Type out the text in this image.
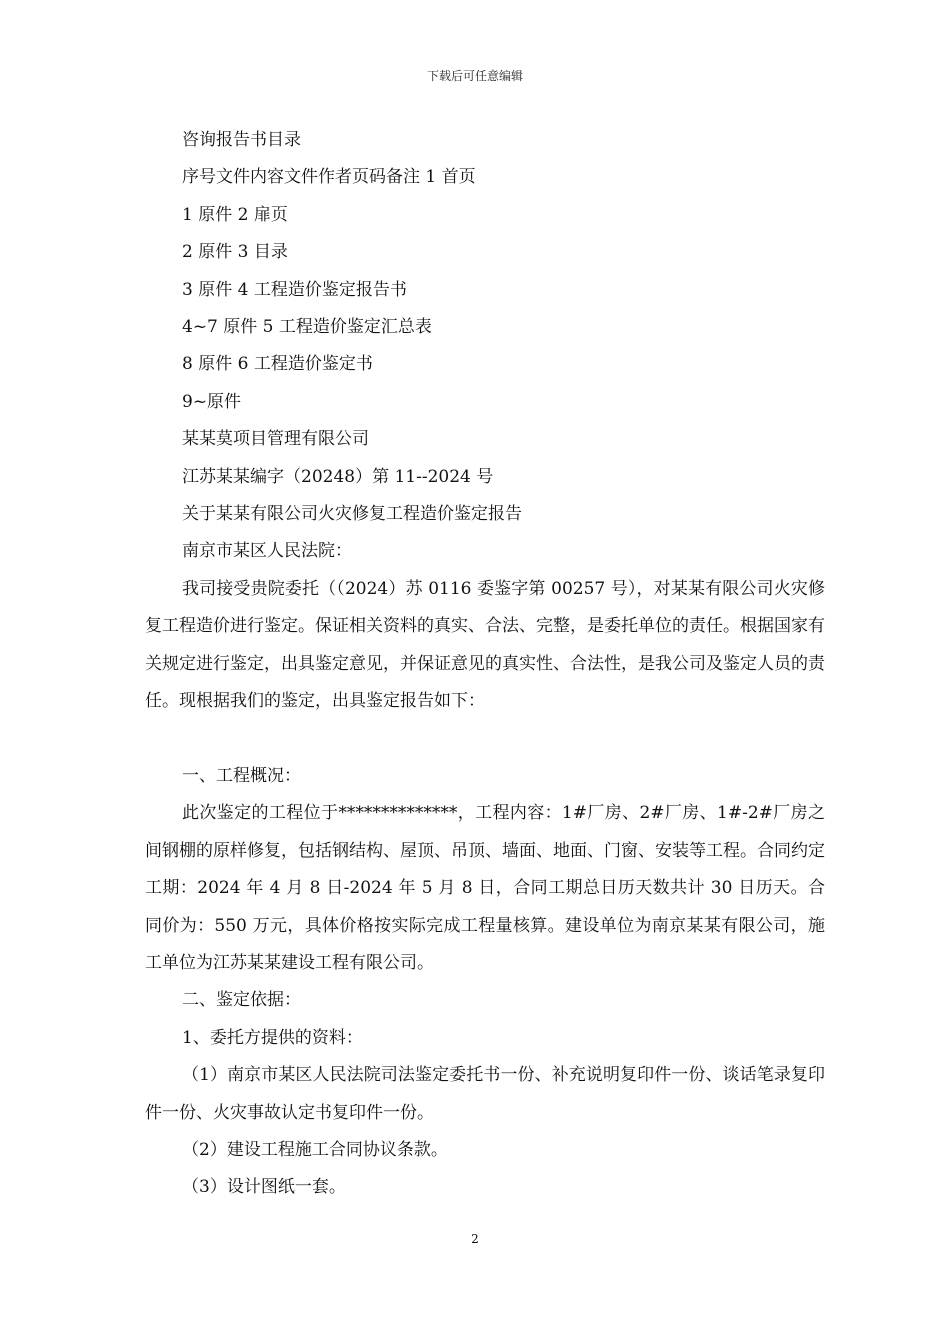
下载后可任意编辑

咨询报告书目录

序号文件内容文件作者页码备注 1 首页

1 原件 2 扉页

2 原件 3 目录

3 原件 4 工程造价鉴定报告书

4~7 原件 5 工程造价鉴定汇总表

8 原件 6 工程造价鉴定书

9~原件

某某莫项目管理有限公司

江苏某某编字（20248）第 11--2024 号

关于某某有限公司火灾修复工程造价鉴定报告

南京市某区人民法院：

我司接受贵院委托（（2024）苏 0116 委鉴字第 00257 号），对某某有限公司火灾修复工程造价进行鉴定。保证相关资料的真实、合法、完整，是委托单位的责任。根据国家有关规定进行鉴定，出具鉴定意见，并保证意见的真实性、合法性，是我公司及鉴定人员的责任。现根据我们的鉴定，出具鉴定报告如下：

一、工程概况：

此次鉴定的工程位于**************，工程内容：1#厂房、2#厂房、1#-2#厂房之间钢棚的原样修复，包括钢结构、屋顶、吊顶、墙面、地面、门窗、安装等工程。合同约定工期：2024 年 4 月 8 日-2024 年 5 月 8 日，合同工期总日历天数共计 30 日历天。合同价为：550 万元，具体价格按实际完成工程量核算。建设单位为南京某某有限公司，施工单位为江苏某某建设工程有限公司。

二、鉴定依据：

1、委托方提供的资料：

（1）南京市某区人民法院司法鉴定委托书一份、补充说明复印件一份、谈话笔录复印件一份、火灾事故认定书复印件一份。

（2）建设工程施工合同协议条款。

（3）设计图纸一套。

2
